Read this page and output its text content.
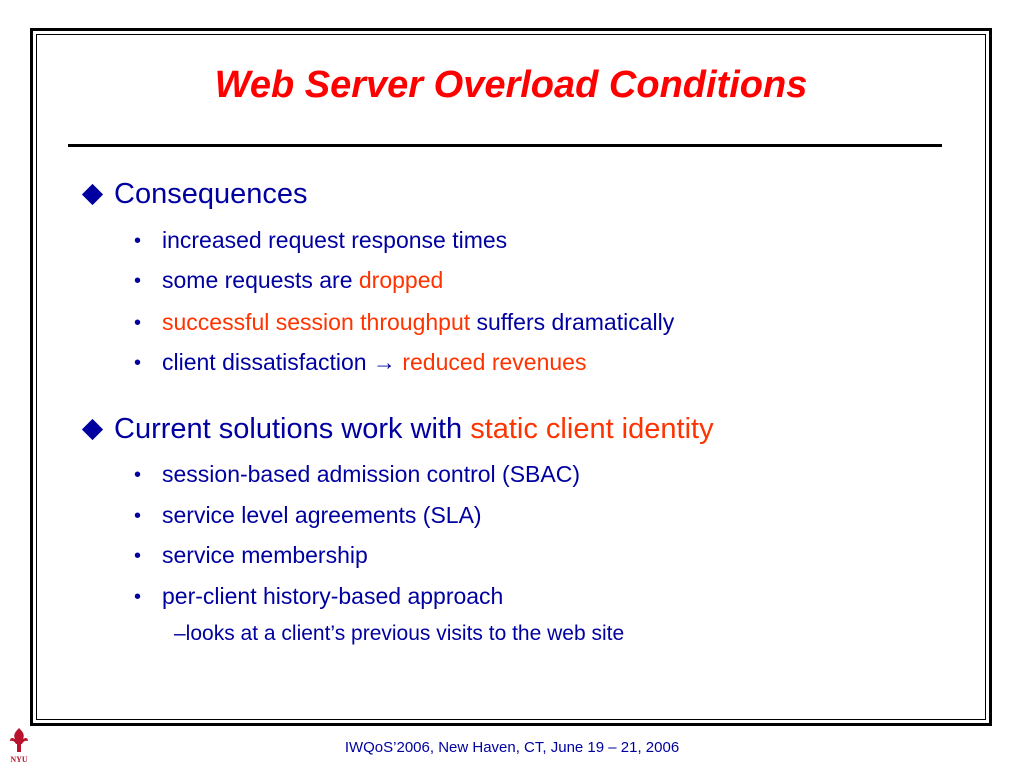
Web Server Overload Conditions
Consequences
• increased request response times
• some requests are dropped
• successful session throughput suffers dramatically
• client dissatisfaction → reduced revenues
Current solutions work with static client identity
• session-based admission control (SBAC)
• service level agreements (SLA)
• service membership
• per-client history-based approach
–looks at a client’s previous visits to the web site
NYU
IWQoS’2006, New Haven, CT, June 19 – 21, 2006
